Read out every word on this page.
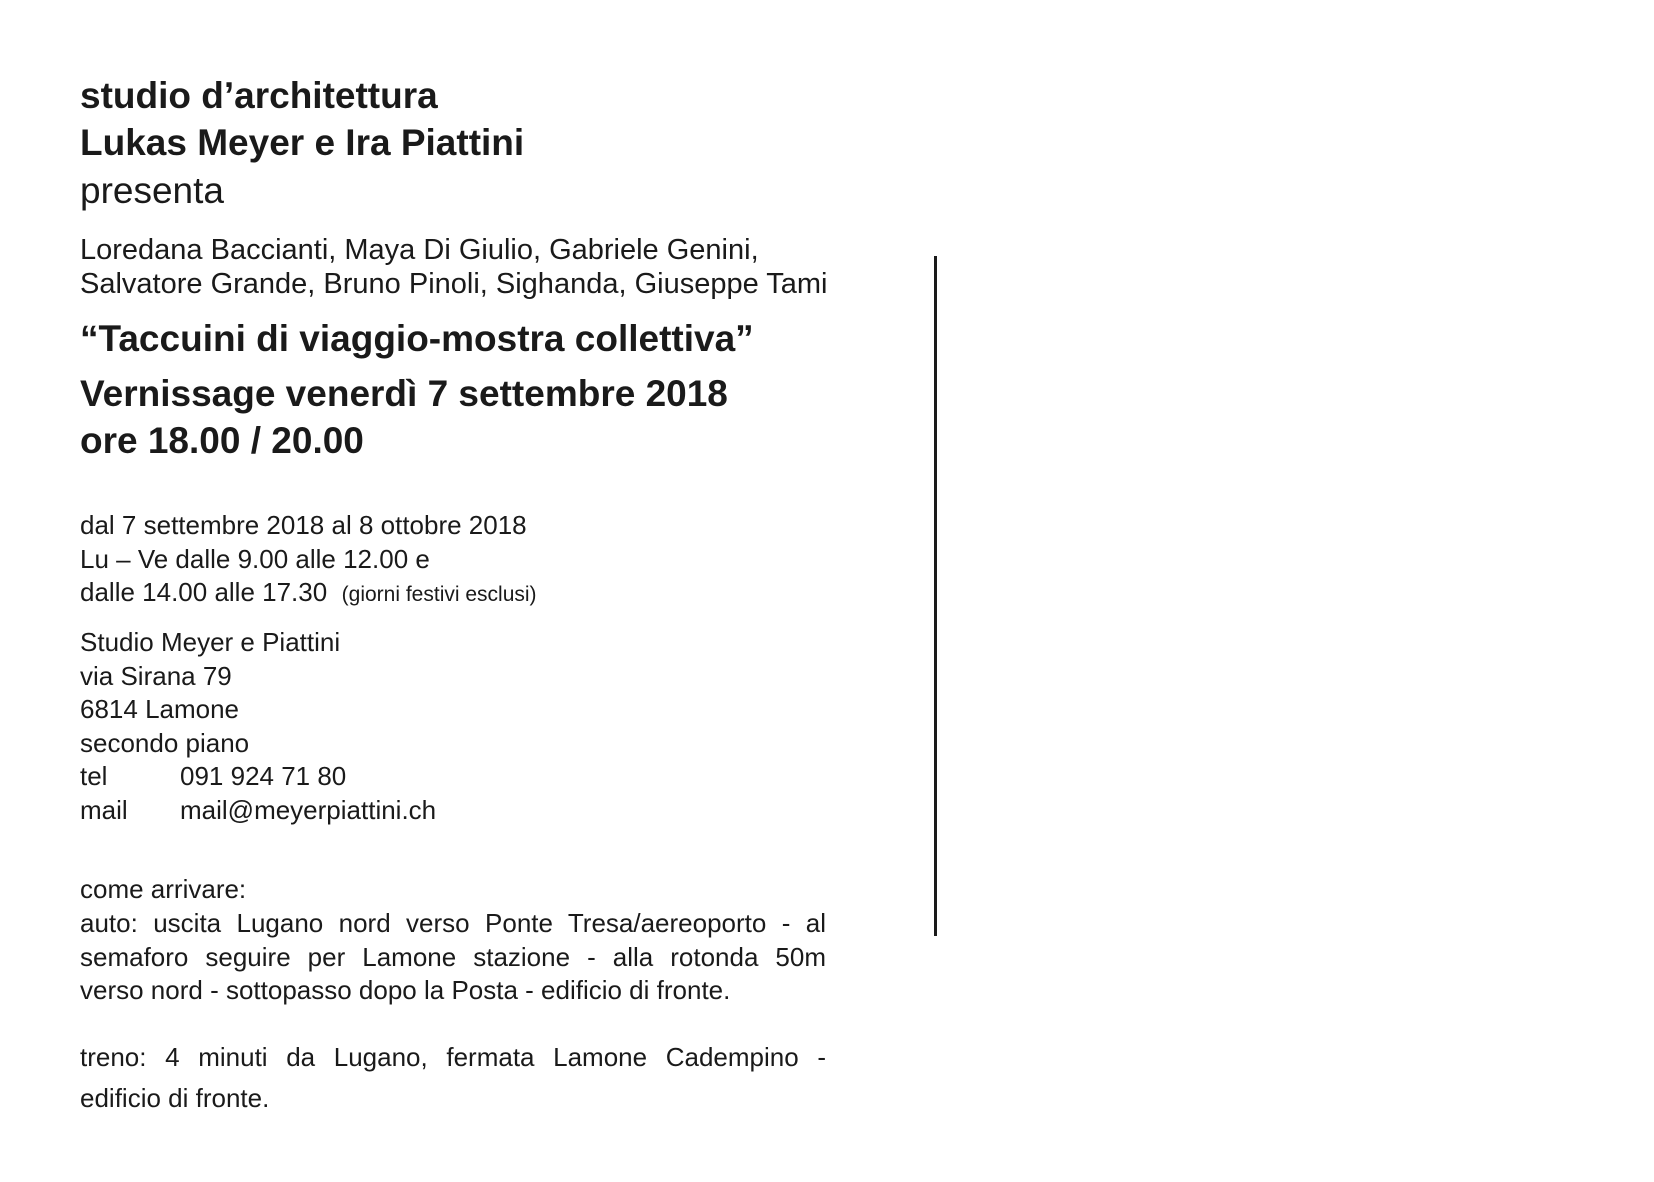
studio d’architettura

Lukas Meyer e Ira Piattini

presenta

Loredana Baccianti, Maya Di Giulio, Gabriele Genini,

Salvatore Grande, Bruno Pinoli, Sighanda, Giuseppe Tami

“Taccuini di viaggio-mostra collettiva”

Vernissage venerdì 7 settembre 2018

ore 18.00 / 20.00

dal 7 settembre 2018 al 8 ottobre 2018

Lu – Ve dalle 9.00 alle 12.00 e

dalle 14.00 alle 17.30 (giorni festivi esclusi)

Studio Meyer e Piattini
via Sirana 79
6814 Lamone
secondo piano
tel	091 924 71 80
mail mail@meyerpiattini.ch

come arrivare:

auto: uscita Lugano nord verso Ponte Tresa/aereoporto - al
semaforo seguire per Lamone stazione - alla rotonda 50m
verso nord - sottopasso dopo la Posta - edificio di fronte.
treno: 4 minuti da Lugano, fermata Lamone Cadempino -
edificio di fronte.
